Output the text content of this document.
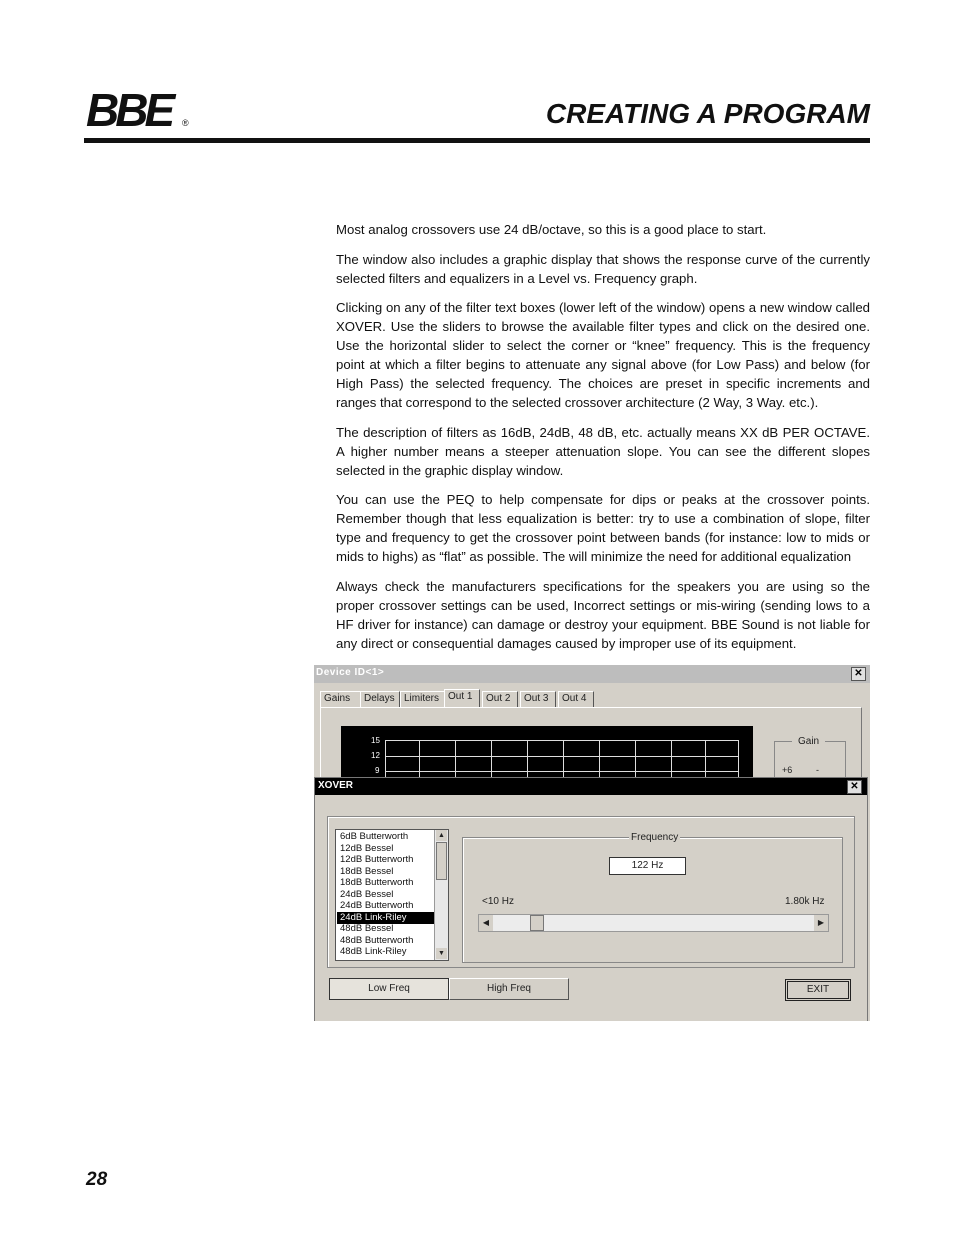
BBE ®	CREATING A PROGRAM

Most analog crossovers use 24 dB/octave, so this is a good place to start.

The window also includes a graphic display that shows the response curve of the currently selected filters and equalizers in a Level vs. Frequency graph.

Clicking on any of the filter text boxes (lower left of the window) opens a new window called XOVER. Use the sliders to browse the available filter types and click on the desired one. Use the horizontal slider to select the corner or “knee” frequency. This is the frequency point at which a filter begins to attenuate any signal above (for Low Pass) and below (for High Pass) the selected frequency. The choices are preset in specific increments and ranges that correspond to the selected crossover architecture (2 Way, 3 Way. etc.).

The description of filters as 16dB, 24dB, 48 dB, etc. actually means XX dB PER OCTAVE. A higher number means a steeper attenuation slope. You can see the different slopes selected in the graphic display window.

You can use the PEQ to help compensate for dips or peaks at the crossover points. Remember though that less equalization is better: try to use a combination of slope, filter type and frequency to get the crossover point between bands (for instance: low to mids or mids to highs) as “flat” as possible. The will minimize the need for additional equalization

Always check the manufacturers specifications for the speakers you are using so the proper crossover settings can be used, Incorrect settings or mis-wiring (sending lows to a HF driver for instance) can damage or destroy your equipment. BBE Sound is not liable for any direct or consequential damages caused by improper use of its equipment.

Device ID<1>	✕
Gains	Delays Limiters Out 1	Out 2	Out 3	Out 4
15
12
9
Gain
+6	-
XOVER	✕
6dB Butterworth
12dB Bessel
12dB Butterworth
18dB Bessel
18dB Butterworth
24dB Bessel
24dB Butterworth
24dB Link-Riley
48dB Bessel
48dB Butterworth
48dB Link-Riley
▲
▼
Frequency
122 Hz
<10 Hz	1.80k Hz
◀	▶
Low Freq	High Freq	EXIT
28
